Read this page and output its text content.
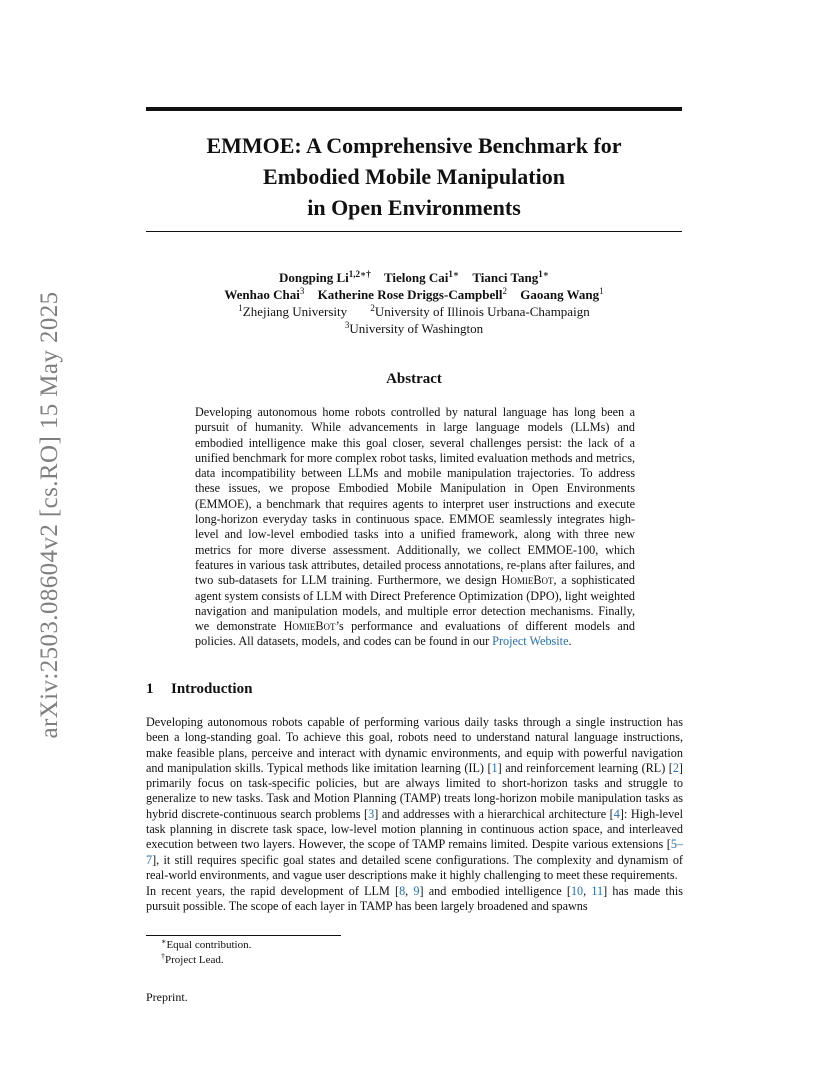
arXiv:2503.08604v2 [cs.RO] 15 May 2025
EMMOE: A Comprehensive Benchmark for
Embodied Mobile Manipulation
in Open Environments
Dongping $Li^{1,2∗\dagger}$ Tielong Cai$^{1∗}$ Tianci Tang$^{1∗}$
Wenhao Chai$^3$ Katherine Rose Driggs-Campbell$^2$ Gaoang Wang$^1$
$^1$Zhejiang University	$^2$University of Illinois Urbana-Champaign
$^3$University of Washington
Abstract
Developing autonomous home robots controlled by natural language has long been a pursuit of humanity. While advancements in large language models (LLMs) and embodied intelligence make this goal closer, several challenges persist: the lack of a unified benchmark for more complex robot tasks, limited evaluation methods and metrics, data incompatibility between LLMs and mobile manipulation trajectories. To address these issues, we propose Embodied Mobile Manipulation in Open Environments (EMMOE), a benchmark that requires agents to interpret user instructions and execute long-horizon everyday tasks in continuous space. EMMOE seamlessly integrates high-level and low-level embodied tasks into a unified framework, along with three new metrics for more diverse assessment. Additionally, we collect EMMOE-100, which features in various task attributes, detailed process annotations, re-plans after failures, and two sub-datasets for LLM training. Furthermore, we design HomieBot, a sophisticated agent system consists of LLM with Direct Preference Optimization (DPO), light weighted navigation and manipulation models, and multiple error detection mechanisms. Finally, we demonstrate HomieBot’s performance and evaluations of different models and policies. All datasets, models, and codes can be found in our Project Website.
1 Introduction
Developing autonomous robots capable of performing various daily tasks through a single instruction has been a long-standing goal. To achieve this goal, robots need to understand natural language instructions, make feasible plans, perceive and interact with dynamic environments, and equip with powerful navigation and manipulation skills. Typical methods like imitation learning (IL) [1] and reinforcement learning (RL) [2] primarily focus on task-specific policies, but are always limited to short-horizon tasks and struggle to generalize to new tasks. Task and Motion Planning (TAMP) treats long-horizon mobile manipulation tasks as hybrid discrete-continuous search problems [3] and addresses with a hierarchical architecture [4]: High-level task planning in discrete task space, low-level motion planning in continuous action space, and interleaved execution between two layers. However, the scope of TAMP remains limited. Despite various extensions [5–7], it still requires specific goal states and detailed scene configurations. The complexity and dynamism of real-world environments, and vague user descriptions make it highly challenging to meet these requirements.
In recent years, the rapid development of LLM [8, 9] and embodied intelligence [10, 11] has made this pursuit possible. The scope of each layer in TAMP has been largely broadened and spawns
∗Equal contribution.
†Project Lead.
Preprint.
